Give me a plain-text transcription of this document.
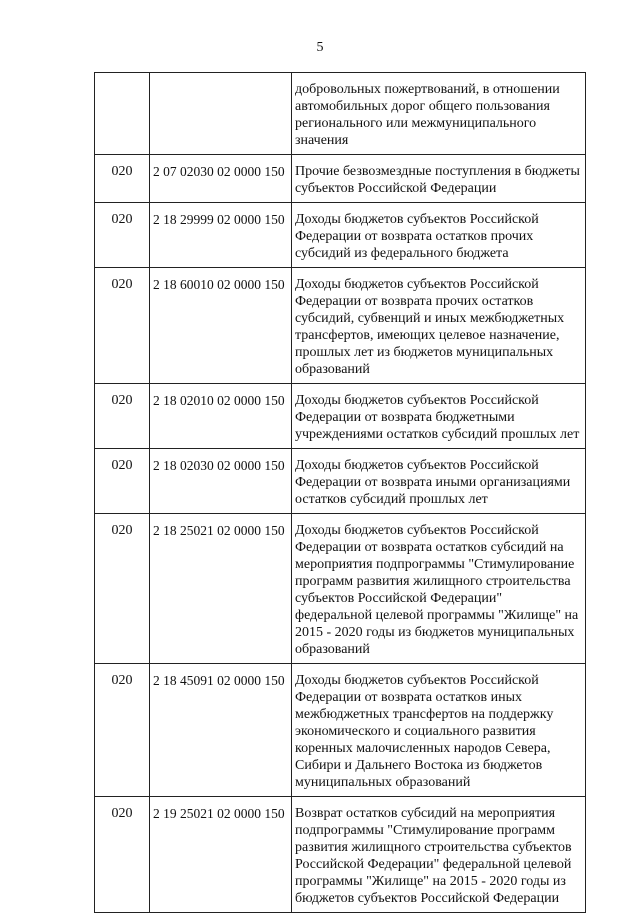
5
		добровольных пожертвований, в отношении автомобильных дорог общего пользования регионального или межмуниципального значения
020	2 07 02030 02 0000 150	Прочие безвозмездные поступления в бюджеты субъектов Российской Федерации
020	2 18 29999 02 0000 150	Доходы бюджетов субъектов Российской Федерации от возврата остатков прочих субсидий из федерального бюджета
020	2 18 60010 02 0000 150	Доходы бюджетов субъектов Российской Федерации от возврата прочих остатков субсидий, субвенций и иных межбюджетных трансфертов, имеющих целевое назначение, прошлых лет из бюджетов муниципальных образований
020	2 18 02010 02 0000 150	Доходы бюджетов субъектов Российской Федерации от возврата бюджетными учреждениями остатков субсидий прошлых лет
020	2 18 02030 02 0000 150	Доходы бюджетов субъектов Российской Федерации от возврата иными организациями остатков субсидий прошлых лет
020	2 18 25021 02 0000 150	Доходы бюджетов субъектов Российской Федерации от возврата остатков субсидий на мероприятия подпрограммы "Стимулирование программ развития жилищного строительства субъектов Российской Федерации" федеральной целевой программы "Жилище" на 2015 - 2020 годы из бюджетов муниципальных образований
020	2 18 45091 02 0000 150	Доходы бюджетов субъектов Российской Федерации от возврата остатков иных межбюджетных трансфертов на поддержку экономического и социального развития коренных малочисленных народов Севера, Сибири и Дальнего Востока из бюджетов муниципальных образований
020	2 19 25021 02 0000 150	Возврат остатков субсидий на мероприятия подпрограммы "Стимулирование программ развития жилищного строительства субъектов Российской Федерации" федеральной целевой программы "Жилище" на 2015 - 2020 годы из бюджетов субъектов Российской Федерации
